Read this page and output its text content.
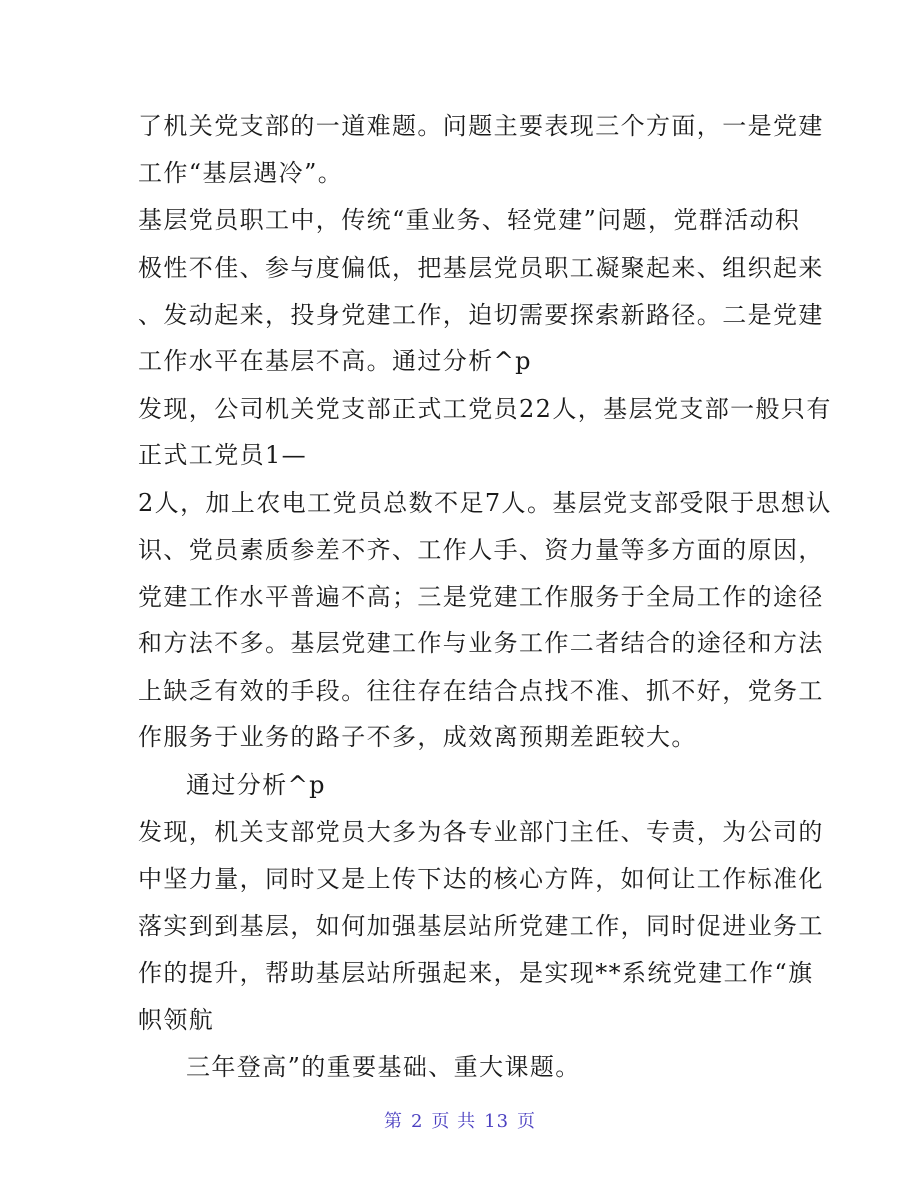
了机关党支部的一道难题。问题主要表现三个方面，一是党建
工作“基层遇冷”。
基层党员职工中，传统“重业务、轻党建”问题，党群活动积
极性不佳、参与度偏低，把基层党员职工凝聚起来、组织起来
、发动起来，投身党建工作，迫切需要探索新路径。二是党建
工作水平在基层不高。通过分析^p
发现，公司机关党支部正式工党员22人，基层党支部一般只有
正式工党员1—
2人，加上农电工党员总数不足7人。基层党支部受限于思想认
识、党员素质参差不齐、工作人手、资力量等多方面的原因，
党建工作水平普遍不高；三是党建工作服务于全局工作的途径
和方法不多。基层党建工作与业务工作二者结合的途径和方法
上缺乏有效的手段。往往存在结合点找不准、抓不好，党务工
作服务于业务的路子不多，成效离预期差距较大。
通过分析^p
发现，机关支部党员大多为各专业部门主任、专责，为公司的
中坚力量，同时又是上传下达的核心方阵，如何让工作标准化
落实到到基层，如何加强基层站所党建工作，同时促进业务工
作的提升，帮助基层站所强起来，是实现**系统党建工作“旗
帜领航
三年登高”的重要基础、重大课题。
第 2 页 共 13 页
